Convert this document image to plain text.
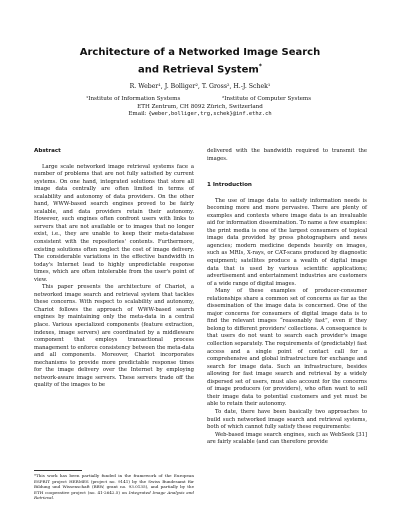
Architecture of a Networked Image Search
and Retrieval System*
R. Weber¹, J. Bolliger², T. Gross², H.-J. Schek¹
¹Institute of Information Systems	²Institute of Computer Systems
ETH Zentrum, CH 8092 Zürich, Switzerland
Email: {weber,bolliger,trg,schek}@inf.ethz.ch
Abstract

Large scale networked image retrieval systems face a number of problems that are not fully satisfied by current systems. On one hand, integrated solutions that store all image data centrally are often limited in terms of scalability and autonomy of data providers. On the other hand, WWW-based search engines proved to be fairly scalable, and data providers retain their autonomy. However, such engines often confront users with links to servers that are not available or to images that no longer exist, i.e., they are unable to keep their meta-database consistent with the repositories' contents. Furthermore, existing solutions often neglect the cost of image delivery. The considerable variations in the effective bandwidth in today's Internet lead to highly unpredictable response times, which are often intolerable from the user's point of view.

This paper presents the architecture of Chariot, a networked image search and retrieval system that tackles these concerns. With respect to scalability and autonomy, Chariot follows the approach of WWW-based search engines by maintaining only the meta-data in a central place. Various specialized components (feature extraction, indexes, image servers) are coordinated by a middleware component that employs transactional process management to enforce consistency between the meta-data and all components. Moreover, Chariot incorporates mechanisms to provide more predictable response times for the image delivery over the Internet by employing network-aware image servers. These servers trade off the quality of the images to be

*This work has been partially funded in the framework of the European ESPRIT project HERMES (project no. 9141) by the Swiss Bundesamt für Bildung und Wissenschaft (BBW, grant no. 93.0135), and partially by the ETH cooperative project (no. 41-2642.5) on Integrated Image Analysis and Retrieval.
delivered with the bandwidth required to transmit the images.
1 Introduction

The use of image data to satisfy information needs is becoming more and more pervasive. There are plenty of examples and contexts where image data is an invaluable aid for information dissemination. To name a few examples: the print media is one of the largest consumers of topical image data provided by press photographers and news agencies; modern medicine depends heavily on images, such as MRIs, X-rays, or CAT-scans produced by diagnostic equipment; satellites produce a wealth of digital image data that is used by various scientific applications; advertisement and entertainment industries are customers of a wide range of digital images.

Many of these examples of producer-consumer relationships share a common set of concerns as far as the dissemination of the image data is concerned. One of the major concerns for consumers of digital image data is to find the relevant images “reasonably fast”, even if they belong to different providers' collections. A consequence is that users do not want to search each provider's image collection separately. The requirements of (predictably) fast access and a single point of contact call for a comprehensive and global infrastructure for exchange and search for image data. Such an infrastructure, besides allowing for fast image search and retrieval by a widely dispersed set of users, must also account for the concerns of image producers (or providers), who often want to sell their image data to potential customers and yet must be able to retain their autonomy.

To date, there have been basically two approaches to build such networked image search and retrieval systems, both of which cannot fully satisfy these requirements:

Web-based image search engines, such as WebSeek [31] are fairly scalable (and can therefore provide
